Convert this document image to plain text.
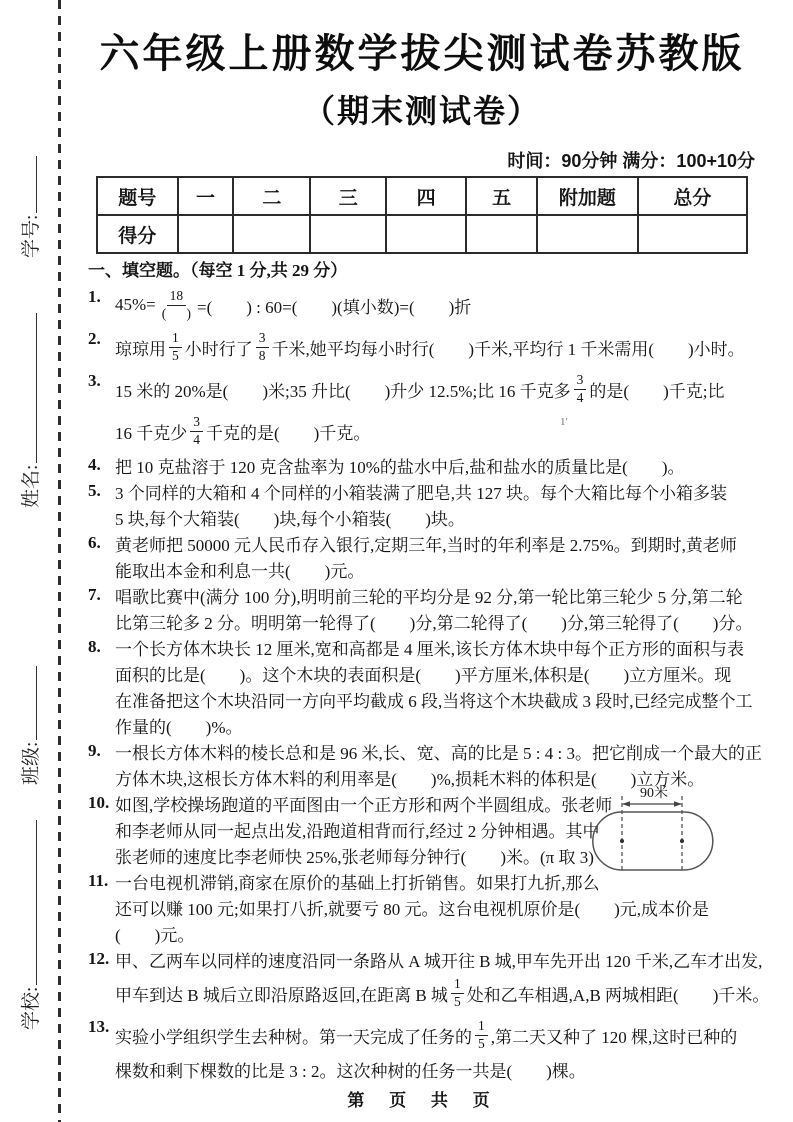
学号:
姓名:
班级:
学校:
六年级上册数学拔尖测试卷苏教版
（期末测试卷）
时间：90分钟 满分：100+10分
题号	一	二	三	四	五	附加题	总分
得分							
一、填空题。（每空 1 分,共 29 分）
1. $45\%= \frac{18}{( )}$ =(        ) : 60=(        )(填小数)=(        )折
2.
琼琼用 $\frac{1}{5}$ 小时行了 $\frac{3}{8}$ 千米,她平均每小时行(        )千米,平均行 1 千米需用(        )小时。
3.
15 米的 20%是(        )米;35 升比(        )升少 12.5%;比 16 千克多 $\frac{3}{4}$ 的是(        )千克;比
16 千克少 $\frac{3}{4}$ 千克的是(        )千克。
4. 把 10 克盐溶于 120 克含盐率为 10%的盐水中后,盐和盐水的质量比是(        )。
5. 3 个同样的大箱和 4 个同样的小箱装满了肥皂,共 127 块。每个大箱比每个小箱多装
5 块,每个大箱装(        )块,每个小箱装(        )块。
6. 黄老师把 50000 元人民币存入银行,定期三年,当时的年利率是 2.75%。到期时,黄老师
能取出本金和利息一共(        )元。
7. 唱歌比赛中(满分 100 分),明明前三轮的平均分是 92 分,第一轮比第三轮少 5 分,第二轮
比第三轮多 2 分。明明第一轮得了(        )分,第二轮得了(        )分,第三轮得了(        )分。
8. 一个长方体木块长 12 厘米,宽和高都是 4 厘米,该长方体木块中每个正方形的面积与表
面积的比是(        )。这个木块的表面积是(        )平方厘米,体积是(        )立方厘米。现
在准备把这个木块沿同一方向平均截成 6 段,当将这个木块截成 3 段时,已经完成整个工
作量的(        )%。
9. 一根长方体木料的棱长总和是 96 米,长、宽、高的比是 5 : 4 : 3。把它削成一个最大的正
方体木块,这根长方体木料的利用率是(        )%,损耗木料的体积是(        )立方米。
10. 如图,学校操场跑道的平面图由一个正方形和两个半圆组成。张老师
和李老师从同一起点出发,沿跑道相背而行,经过 2 分钟相遇。其中
张老师的速度比李老师快 25%,张老师每分钟行(        )米。(π 取 3)
11. 一台电视机滞销,商家在原价的基础上打折销售。如果打九折,那么
还可以赚 100 元;如果打八折,就要亏 80 元。这台电视机原价是(        )元,成本价是
(        )元。
12. 甲、乙两车以同样的速度沿同一条路从 A 城开往 B 城,甲车先开出 120 千米,乙车才出发,
甲车到达 B 城后立即沿原路返回,在距离 B 城 $\frac{1}{5}$ 处和乙车相遇,A,B 两城相距(        )千米。
13.
实验小学组织学生去种树。第一天完成了任务的 $\frac{1}{5}$ ,第二天又种了 120 棵,这时已种的
棵数和剩下棵数的比是 3 : 2。这次种树的任务一共是(        )棵。
90米
1′
第 页 共 页
